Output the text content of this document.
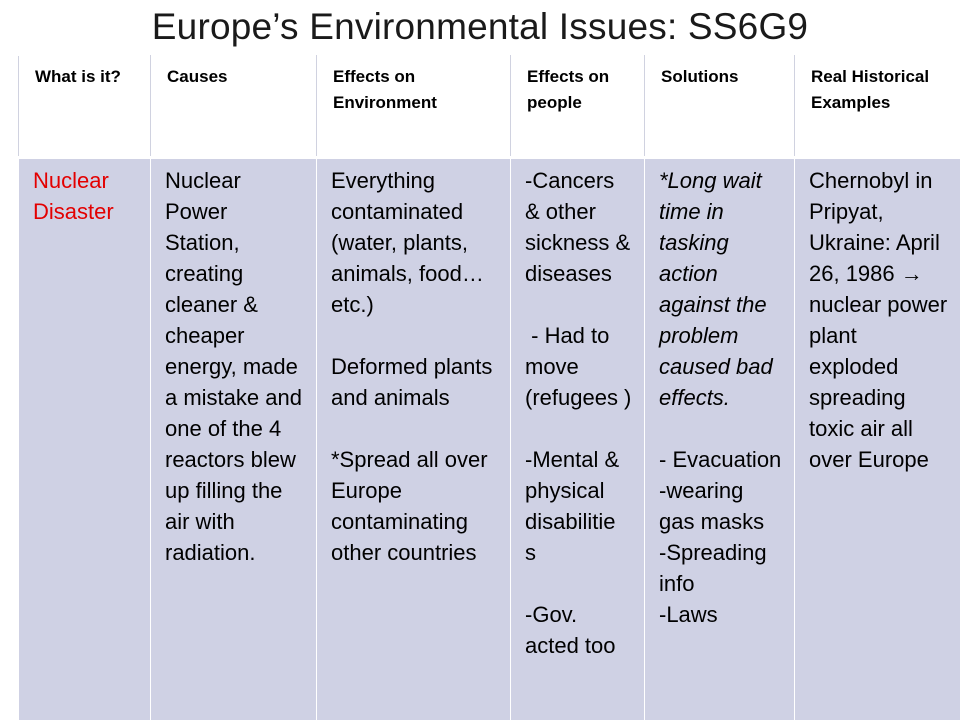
Europe’s Environmental Issues: SS6G9
What is it?	Causes	Effects on Environment	Effects on people	Solutions	Real Historical Examples

Nuclear Disaster	Nuclear Power Station, creating cleaner & cheaper energy, made a mistake and one of the 4 reactors blew up filling the air with radiation.	Everything contaminated (water, plants, animals, food…etc.)

Deformed plants and animals

*Spread all over Europe contaminating other countries	-Cancers & other sickness & diseases

- Had to move (refugees )

-Mental & physical disabilitie s

-Gov. acted too	*Long wait time in tasking action against the problem caused bad effects.

- Evacuation
-wearing gas masks
-Spreading info
-Laws	Chernobyl in Pripyat, Ukraine: April 26, 1986 → nuclear power plant exploded spreading toxic air all over Europe
